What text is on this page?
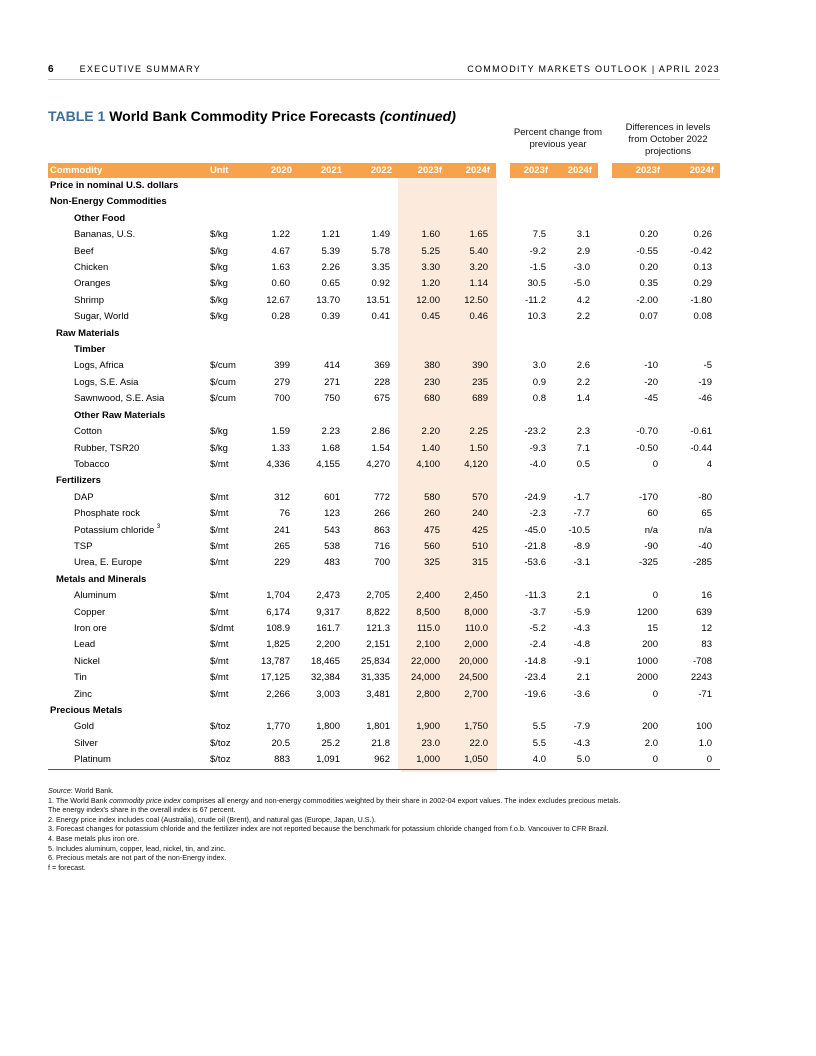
6	EXECUTIVE SUMMARY	COMMODITY MARKETS OUTLOOK | APRIL 2023
TABLE 1 World Bank Commodity Price Forecasts (continued)
Percent change from previous year
Differences in levels from October 2022 projections
Commodity	Unit	2020	2021	2022	2023f	2024f		2023f	2024f		2023f	2024f
Price in nominal U.S. dollars												
Non-Energy Commodities												
Other Food												
Bananas, U.S.	$/kg	1.22	1.21	1.49	1.60	1.65		7.5	3.1		0.20	0.26
Beef	$/kg	4.67	5.39	5.78	5.25	5.40		-9.2	2.9		-0.55	-0.42
Chicken	$/kg	1.63	2.26	3.35	3.30	3.20		-1.5	-3.0		0.20	0.13
Oranges	$/kg	0.60	0.65	0.92	1.20	1.14		30.5	-5.0		0.35	0.29
Shrimp	$/kg	12.67	13.70	13.51	12.00	12.50		-11.2	4.2		-2.00	-1.80
Sugar, World	$/kg	0.28	0.39	0.41	0.45	0.46		10.3	2.2		0.07	0.08
Raw Materials												
Timber												
Logs, Africa	$/cum	399	414	369	380	390		3.0	2.6		-10	-5
Logs, S.E. Asia	$/cum	279	271	228	230	235		0.9	2.2		-20	-19
Sawnwood, S.E. Asia	$/cum	700	750	675	680	689		0.8	1.4		-45	-46
Other Raw Materials												
Cotton	$/kg	1.59	2.23	2.86	2.20	2.25		-23.2	2.3		-0.70	-0.61
Rubber, TSR20	$/kg	1.33	1.68	1.54	1.40	1.50		-9.3	7.1		-0.50	-0.44
Tobacco	$/mt	4,336	4,155	4,270	4,100	4,120		-4.0	0.5		0	4
Fertilizers												
DAP	$/mt	312	601	772	580	570		-24.9	-1.7		-170	-80
Phosphate rock	$/mt	76	123	266	260	240		-2.3	-7.7		60	65
Potassium chloride $^3$	$/mt	241	543	863	475	425		-45.0	-10.5		n/a	n/a
TSP	$/mt	265	538	716	560	510		-21.8	-8.9		-90	-40
Urea, E. Europe	$/mt	229	483	700	325	315		-53.6	-3.1		-325	-285
Metals and Minerals												
Aluminum	$/mt	1,704	2,473	2,705	2,400	2,450		-11.3	2.1		0	16
Copper	$/mt	6,174	9,317	8,822	8,500	8,000		-3.7	-5.9		1200	639
Iron ore	$/dmt	108.9	161.7	121.3	115.0	110.0		-5.2	-4.3		15	12
Lead	$/mt	1,825	2,200	2,151	2,100	2,000		-2.4	-4.8		200	83
Nickel	$/mt	13,787	18,465	25,834	22,000	20,000		-14.8	-9.1		1000	-708
Tin	$/mt	17,125	32,384	31,335	24,000	24,500		-23.4	2.1		2000	2243
Zinc	$/mt	2,266	3,003	3,481	2,800	2,700		-19.6	-3.6		0	-71
Precious Metals												
Gold	$/toz	1,770	1,800	1,801	1,900	1,750		5.5	-7.9		200	100
Silver	$/toz	20.5	25.2	21.8	23.0	22.0		5.5	-4.3		2.0	1.0
Platinum	$/toz	883	1,091	962	1,000	1,050		4.0	5.0		0	0
Source: World Bank.
1. The World Bank commodity price index comprises all energy and non-energy commodities weighted by their share in 2002-04 export values. The index excludes precious metals.
The energy index's share in the overall index is 67 percent.
2. Energy price index includes coal (Australia), crude oil (Brent), and natural gas (Europe, Japan, U.S.).
3. Forecast changes for potassium chloride and the fertilizer index are not reported because the benchmark for potassium chloride changed from f.o.b. Vancouver to CFR Brazil.
4. Base metals plus iron ore.
5. Includes aluminum, copper, lead, nickel, tin, and zinc.
6. Precious metals are not part of the non-Energy index.
f = forecast.
